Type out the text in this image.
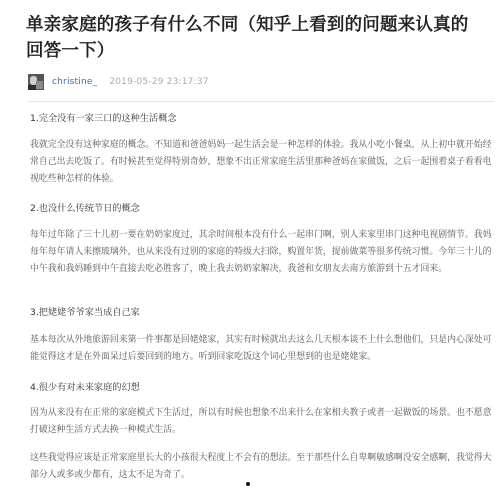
单亲家庭的孩子有什么不同（知乎上看到的问题来认真的回答一下）
christine_ 2019-05-29 23:17:37
1.完全没有一家三口的这种生活概念

我就完全没有这种家庭的概念。不知道和爸爸妈妈一起生活会是一种怎样的体验。我从小吃小餐桌，从上初中就开始经常自己出去吃饭了。有时候甚至觉得特别奇妙，想象不出正常家庭生活里那种爸妈在家做饭，之后一起围着桌子看看电视吃些种怎样的体验。

2.也没什么传统节日的概念

每年过年除了三十儿初一要在奶奶家度过，其余时间根本没有什么一起串门啊，别人来家里串门这种电视剧情节。我妈每年每年请人来擦玻璃外，也从来没有过别的家庭的特级大扫除，购置年货，提前做菜等很多传统习惯。今年三十儿的中午我和我妈睡到中午直接去吃必胜客了，晚上我去奶奶家解决，我爸和女朋友去南方旅游到十五才回来。

3.把姥姥爷爷家当成自己家

基本每次从外地旅游回来第一件事都是回姥姥家，其实有时候就出去这么几天根本谈不上什么想他们，只是内心深处可能觉得这才是在外面呆过后要回到的地方。听到回家吃饭这个词心里想到的也是姥姥家。

4.很少有对未来家庭的幻想

因为从来没有在正常的家庭模式下生活过，所以有时候也想象不出来什么在家相夫教子或者一起做饭的场景。也不愿意打破这种生活方式去换一种模式生活。

这些我觉得应该是正常家庭里长大的小孩很大程度上不会有的想法。至于那些什么自卑啊敏感啊没安全感啊，我觉得大部分人或多或少都有，这太不足为奇了。
